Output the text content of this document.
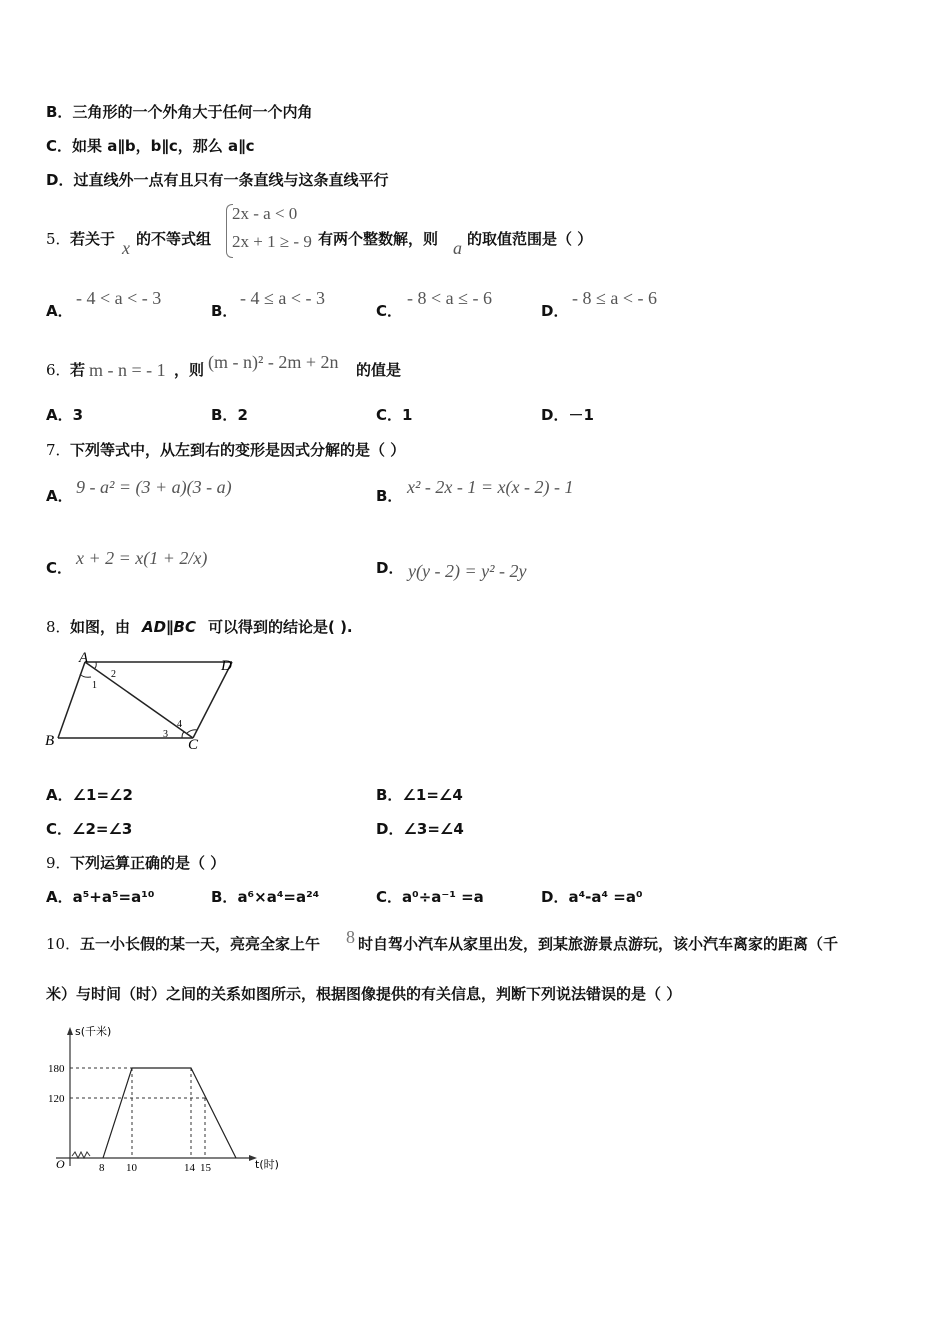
B．三角形的一个外角大于任何一个内角
C．如果 a∥b，b∥c，那么 a∥c
D．过直线外一点有且只有一条直线与这条直线平行
5． 若关于 x 的不等式组
2x - a < 0
2x + 1 ≥ - 9 有两个整数解，则 a 的取值范围是（ ）
A．
- 4 < a < - 3
B．
- 4 ≤ a < - 3
C．
- 8 < a ≤ - 6
D．
- 8 ≤ a < - 6
6． 若 m - n = - 1 ，则 (m - n)² - 2m + 2n 的值是
A．3	B．2	C．1	D．－1
7． 下列等式中，从左到右的变形是因式分解的是（ ）
A． 9 - a² = (3 + a)(3 - a)	B． x² - 2x - 1 = x(x - 2) - 1
C． x + 2 = x(1 + 2/x)	D． y(y - 2) = y² - 2y
8． 如图，由 AD∥BC 可以得到的结论是( ).
A	D
B	C
1
2
3
4
A．∠1=∠2	B．∠1=∠4
C．∠2=∠3	D．∠3=∠4
9． 下列运算正确的是（ ）
A．a⁵+a⁵=a¹⁰	B．a⁶×a⁴=a²⁴	C．a⁰÷a⁻¹ =a	D．a⁴-a⁴ =a⁰
10． 五一小长假的某一天，亮亮全家上午 8 时自驾小汽车从家里出发，到某旅游景点游玩，该小汽车离家的距离（千
米）与时间（时）之间的关系如图所示，根据图像提供的有关信息，判断下列说法错误的是（ ）
s(千米)
t(时)
O
180
120
8 10	14 15
